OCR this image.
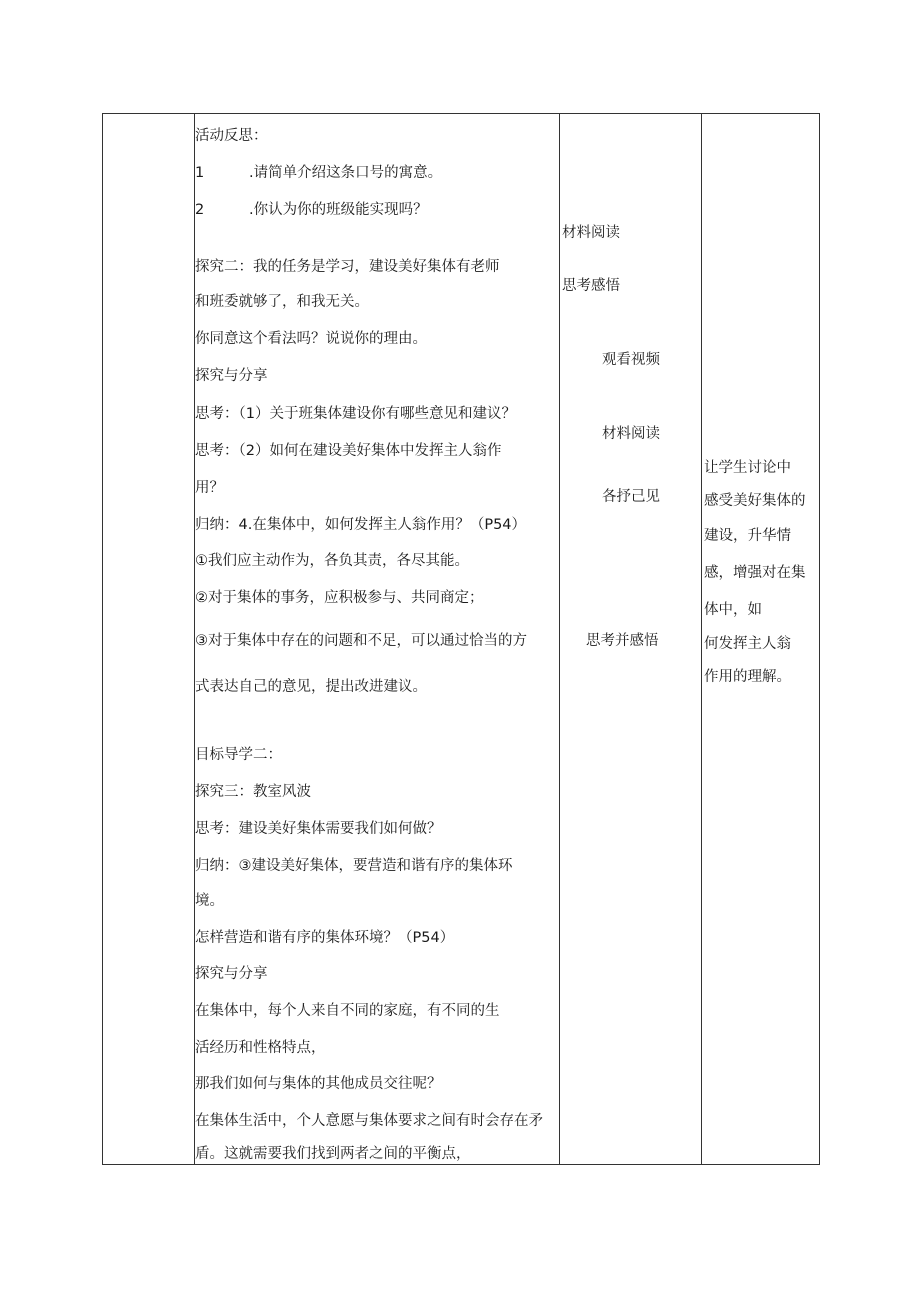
活动反思：
1	.请简单介绍这条口号的寓意。
2	.你认为你的班级能实现吗？
探究二：我的任务是学习，建设美好集体有老师
和班委就够了，和我无关。
你同意这个看法吗？说说你的理由。
探究与分享
思考：（1）关于班集体建设你有哪些意见和建议？
思考：（2）如何在建设美好集体中发挥主人翁作
用？
归纳：4.在集体中，如何发挥主人翁作用？（P54）
①我们应主动作为，各负其责，各尽其能。
②对于集体的事务，应积极参与、共同商定；
③对于集体中存在的问题和不足，可以通过恰当的方
式表达自己的意见，提出改进建议。
目标导学二：
探究三：教室风波
思考：建设美好集体需要我们如何做？
归纳：③建设美好集体，要营造和谐有序的集体环
境。
怎样营造和谐有序的集体环境？（P54）
探究与分享
在集体中，每个人来自不同的家庭，有不同的生
活经历和性格特点，
那我们如何与集体的其他成员交往呢？
在集体生活中，个人意愿与集体要求之间有时会存在矛
盾。这就需要我们找到两者之间的平衡点，
材料阅读
思考感悟
观看视频
材料阅读
各抒己见
思考并感悟
让学生讨论中
感受美好集体的
建设，升华情
感，增强对在集
体中，如
何发挥主人翁
作用的理解。
